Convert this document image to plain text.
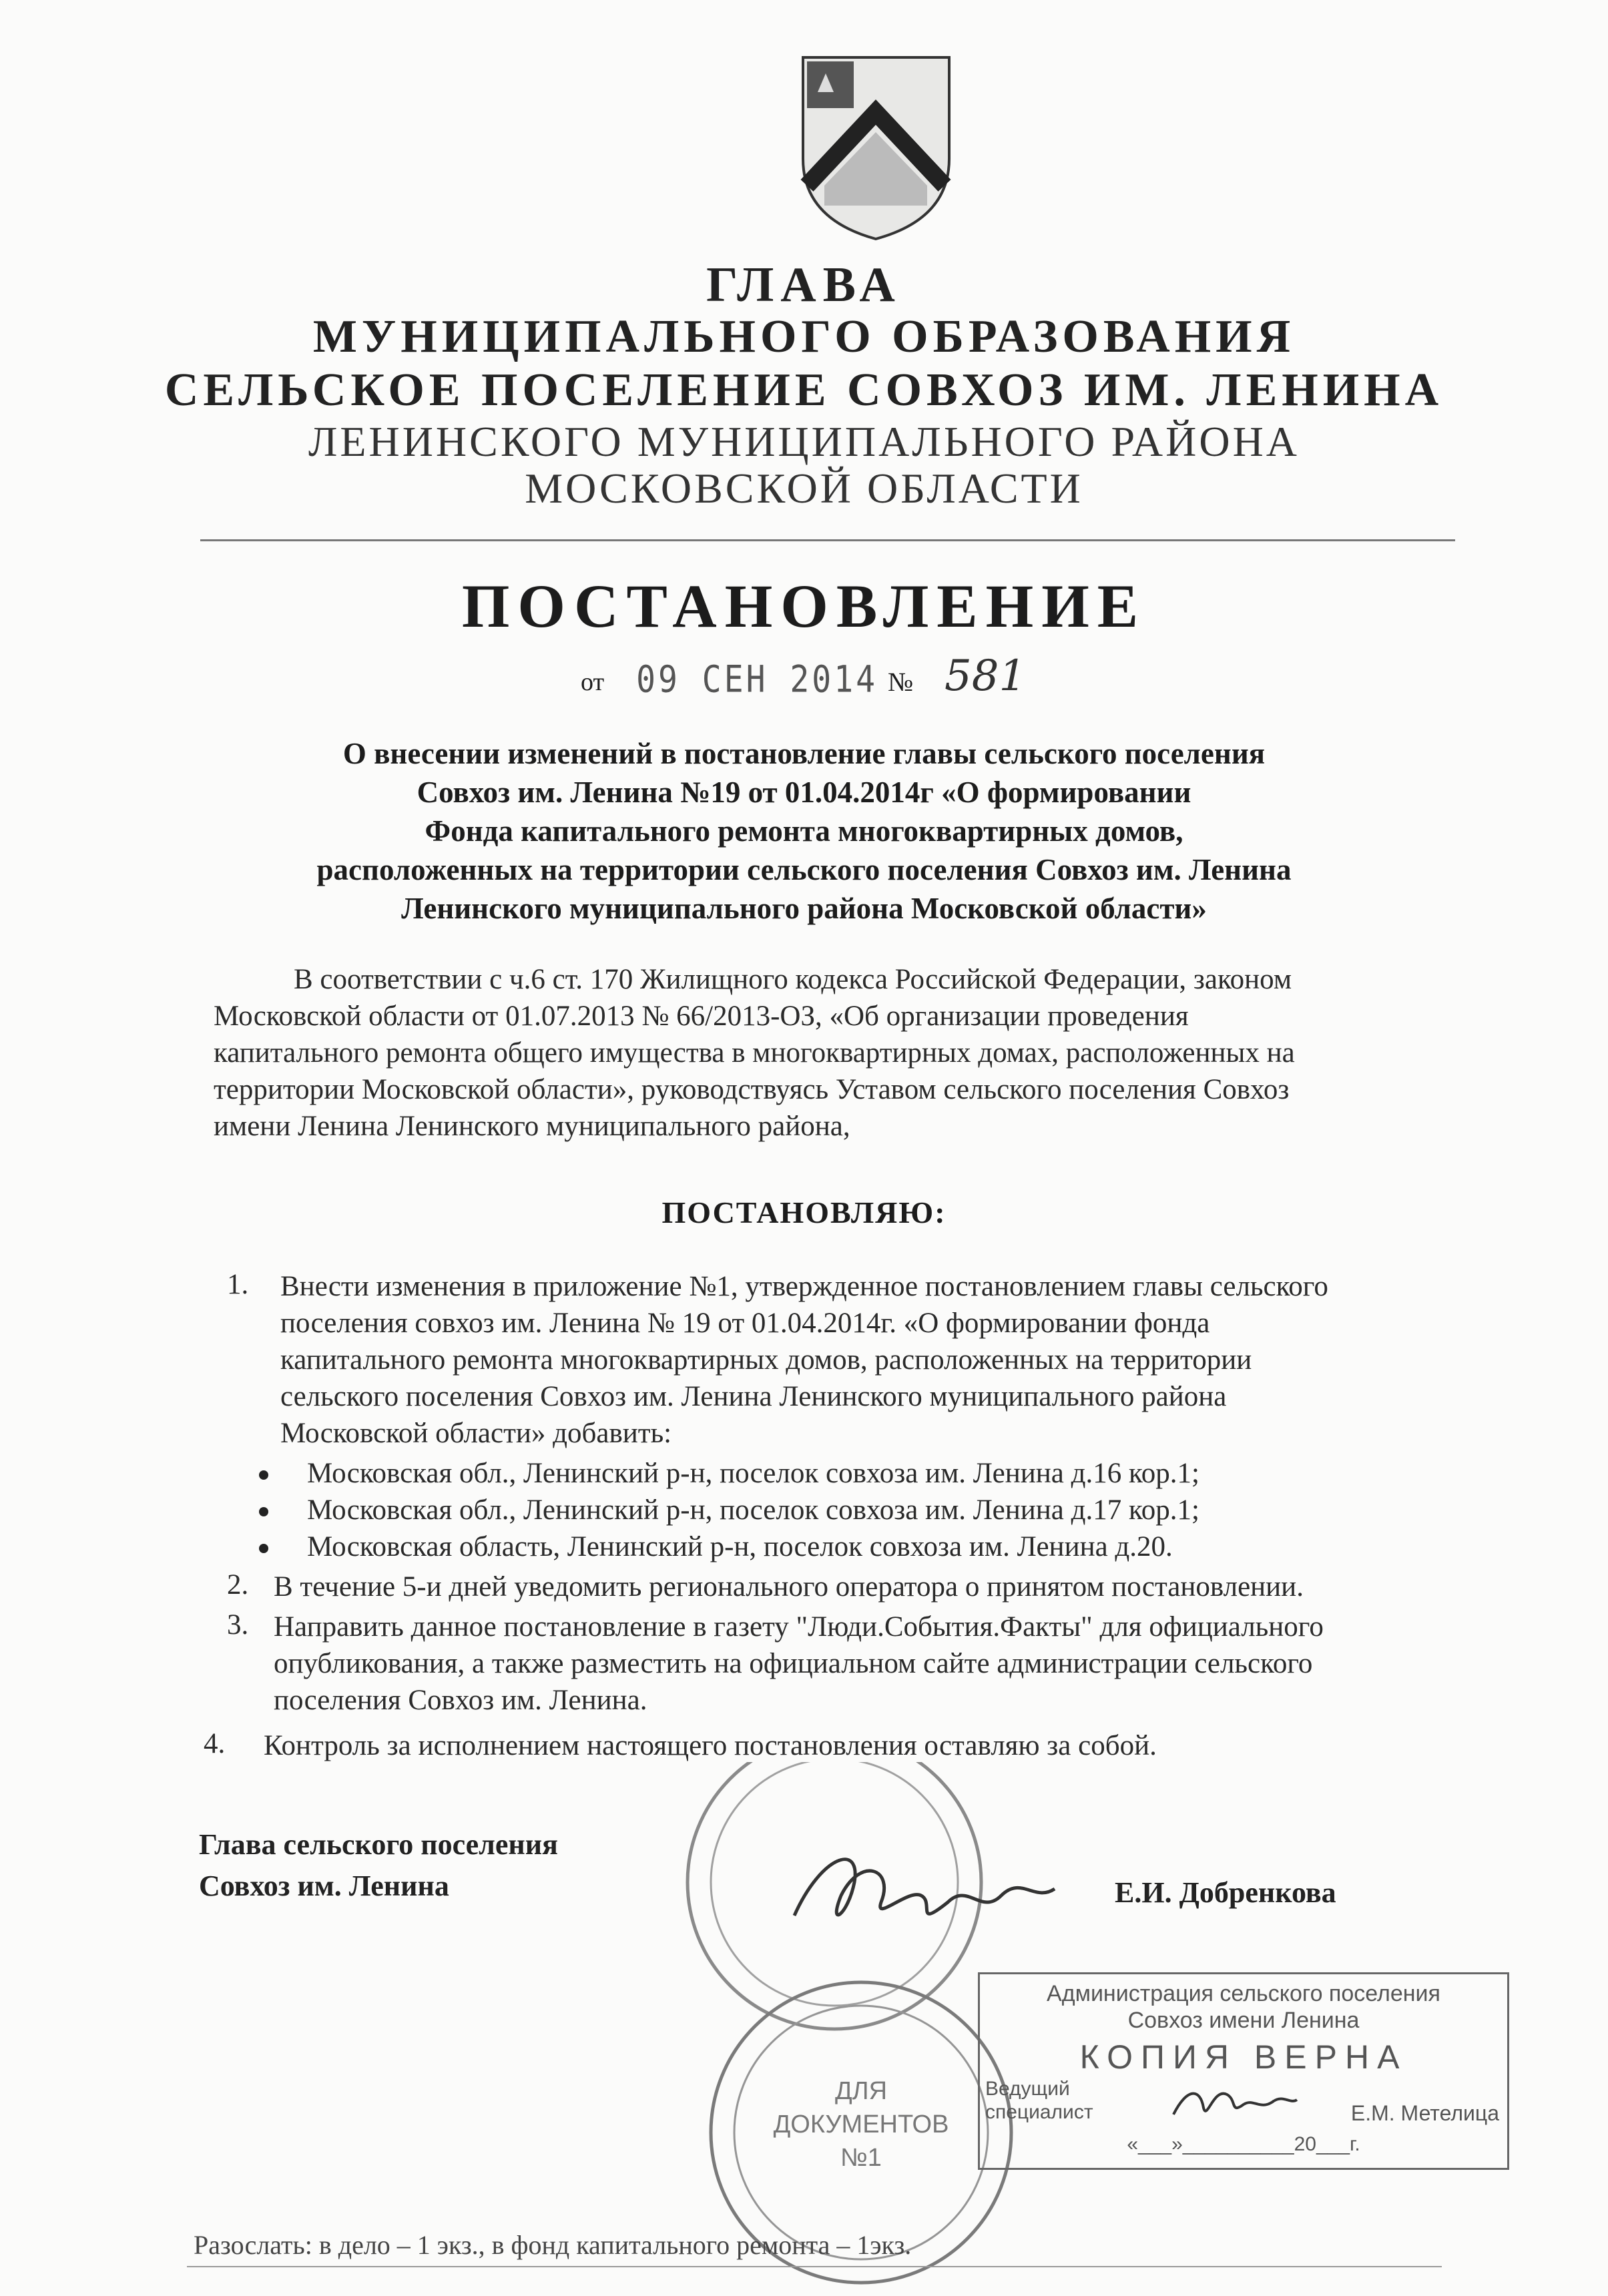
ГЛАВА
МУНИЦИПАЛЬНОГО ОБРАЗОВАНИЯ
СЕЛЬСКОЕ ПОСЕЛЕНИЕ СОВХОЗ ИМ. ЛЕНИНА
ЛЕНИНСКОГО МУНИЦИПАЛЬНОГО РАЙОНА
МОСКОВСКОЙ ОБЛАСТИ
ПОСТАНОВЛЕНИЕ
от 09 СЕН 2014 № 581
О внесении изменений в постановление главы сельского поселения
Совхоз им. Ленина №19 от 01.04.2014г «О формировании
Фонда капитального ремонта многоквартирных домов,
расположенных на территории сельского поселения Совхоз им. Ленина
Ленинского муниципального района Московской области»
В соответствии с ч.6 ст. 170 Жилищного кодекса Российской Федерации, законом
Московской области от 01.07.2013 № 66/2013-ОЗ, «Об организации проведения
капитального ремонта общего имущества в многоквартирных домах, расположенных на
территории Московской области», руководствуясь Уставом сельского поселения Совхоз
имени Ленина Ленинского муниципального района,
ПОСТАНОВЛЯЮ:
1. Внести изменения в приложение №1, утвержденное постановлением главы сельского
поселения совхоз им. Ленина № 19 от 01.04.2014г. «О формировании фонда
капитального ремонта многоквартирных домов, расположенных на территории
сельского поселения Совхоз им. Ленина Ленинского муниципального района
Московской области» добавить:
Московская обл., Ленинский р-н, поселок совхоза им. Ленина д.16 кор.1;
Московская обл., Ленинский р-н, поселок совхоза им. Ленина д.17 кор.1;
Московская область, Ленинский р-н, поселок совхоза им. Ленина д.20.
2. В течение 5-и дней уведомить регионального оператора о принятом постановлении.
3. Направить данное постановление в газету "Люди.События.Факты" для официального
опубликования, а также разместить на официальном сайте администрации сельского
поселения Совхоз им. Ленина.
4. Контроль за исполнением настоящего постановления оставляю за собой.
ДЛЯ
ДОКУМЕНТОВ
№1
Глава сельского поселения
Совхоз им. Ленина	Е.И. Добренкова
Администрация сельского поселения
Совхоз имени Ленина
КОПИЯ ВЕРНА
Ведущий
специалист	Е.М. Метелица
«___»__________20___г.
Разослать: в дело – 1 экз., в фонд капитального ремонта – 1экз.
